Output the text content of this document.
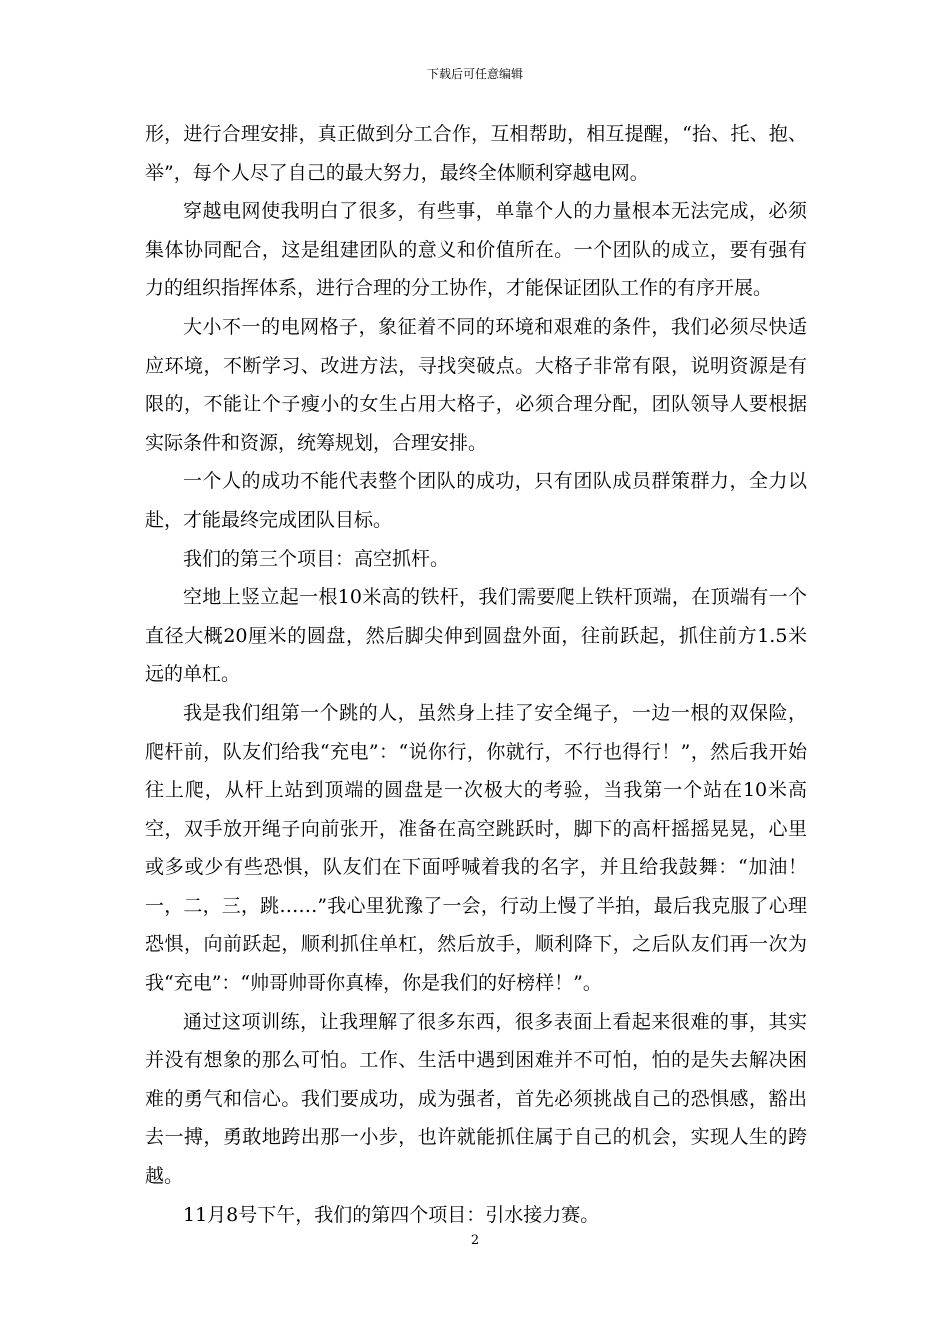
下载后可任意编辑

形，进行合理安排，真正做到分工合作，互相帮助，相互提醒，“抬、托、抱、举”，每个人尽了自己的最大努力，最终全体顺利穿越电网。

穿越电网使我明白了很多，有些事，单靠个人的力量根本无法完成，必须集体协同配合，这是组建团队的意义和价值所在。一个团队的成立，要有强有力的组织指挥体系，进行合理的分工协作，才能保证团队工作的有序开展。

大小不一的电网格子，象征着不同的环境和艰难的条件，我们必须尽快适应环境，不断学习、改进方法，寻找突破点。大格子非常有限，说明资源是有限的，不能让个子瘦小的女生占用大格子，必须合理分配，团队领导人要根据实际条件和资源，统筹规划，合理安排。

一个人的成功不能代表整个团队的成功，只有团队成员群策群力，全力以赴，才能最终完成团队目标。

我们的第三个项目：高空抓杆。

空地上竖立起一根10米高的铁杆，我们需要爬上铁杆顶端，在顶端有一个直径大概20厘米的圆盘，然后脚尖伸到圆盘外面，往前跃起，抓住前方1.5米远的单杠。

我是我们组第一个跳的人，虽然身上挂了安全绳子，一边一根的双保险，爬杆前，队友们给我“充电”：“说你行，你就行，不行也得行！”，然后我开始往上爬，从杆上站到顶端的圆盘是一次极大的考验，当我第一个站在10米高空，双手放开绳子向前张开，准备在高空跳跃时，脚下的高杆摇摇晃晃，心里或多或少有些恐惧，队友们在下面呼喊着我的名字，并且给我鼓舞：“加油！一，二，三，跳……”我心里犹豫了一会，行动上慢了半拍，最后我克服了心理恐惧，向前跃起，顺利抓住单杠，然后放手，顺利降下，之后队友们再一次为我“充电”：“帅哥帅哥你真棒，你是我们的好榜样！”。

通过这项训练，让我理解了很多东西，很多表面上看起来很难的事，其实并没有想象的那么可怕。工作、生活中遇到困难并不可怕，怕的是失去解决困难的勇气和信心。我们要成功，成为强者，首先必须挑战自己的恐惧感，豁出去一搏，勇敢地跨出那一小步，也许就能抓住属于自己的机会，实现人生的跨越。

11月8号下午，我们的第四个项目：引水接力赛。

2
